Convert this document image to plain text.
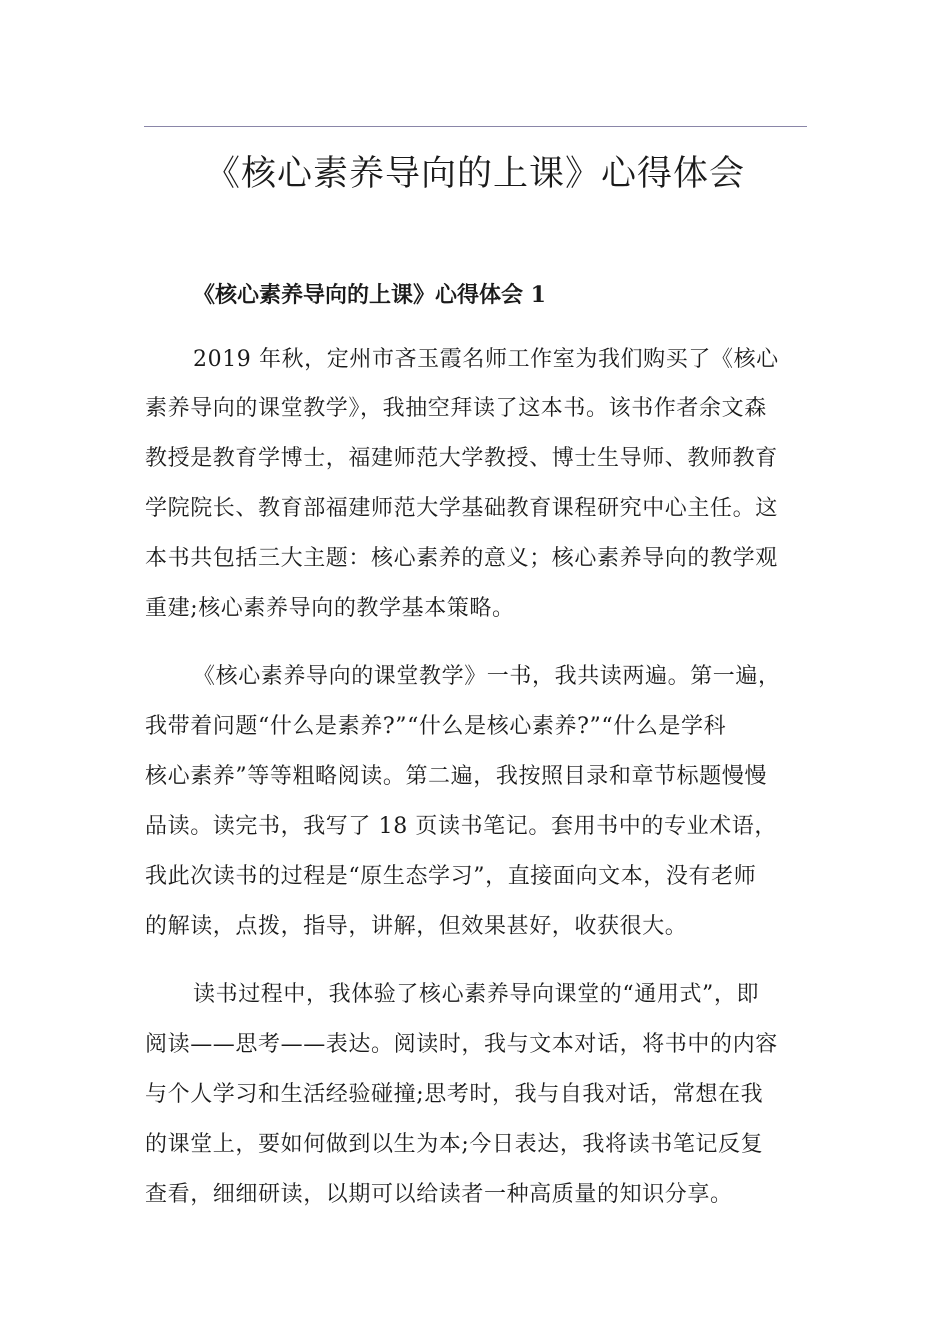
《核心素养导向的上课》心得体会
《核心素养导向的上课》心得体会 1
2019 年秋，定州市吝玉霞名师工作室为我们购买了《核心
素养导向的课堂教学》，我抽空拜读了这本书。该书作者余文森
教授是教育学博士，福建师范大学教授、博士生导师、教师教育
学院院长、教育部福建师范大学基础教育课程研究中心主任。这
本书共包括三大主题：核心素养的意义；核心素养导向的教学观
重建;核心素养导向的教学基本策略。
《核心素养导向的课堂教学》一书，我共读两遍。第一遍，
我带着问题“什么是素养?”“什么是核心素养?”“什么是学科
核心素养”等等粗略阅读。第二遍，我按照目录和章节标题慢慢
品读。读完书，我写了 18 页读书笔记。套用书中的专业术语，
我此次读书的过程是“原生态学习”，直接面向文本，没有老师
的解读，点拨，指导，讲解，但效果甚好，收获很大。
读书过程中，我体验了核心素养导向课堂的“通用式”，即
阅读——思考——表达。阅读时，我与文本对话，将书中的内容
与个人学习和生活经验碰撞;思考时，我与自我对话，常想在我
的课堂上，要如何做到以生为本;今日表达，我将读书笔记反复
查看，细细研读，以期可以给读者一种高质量的知识分享。
